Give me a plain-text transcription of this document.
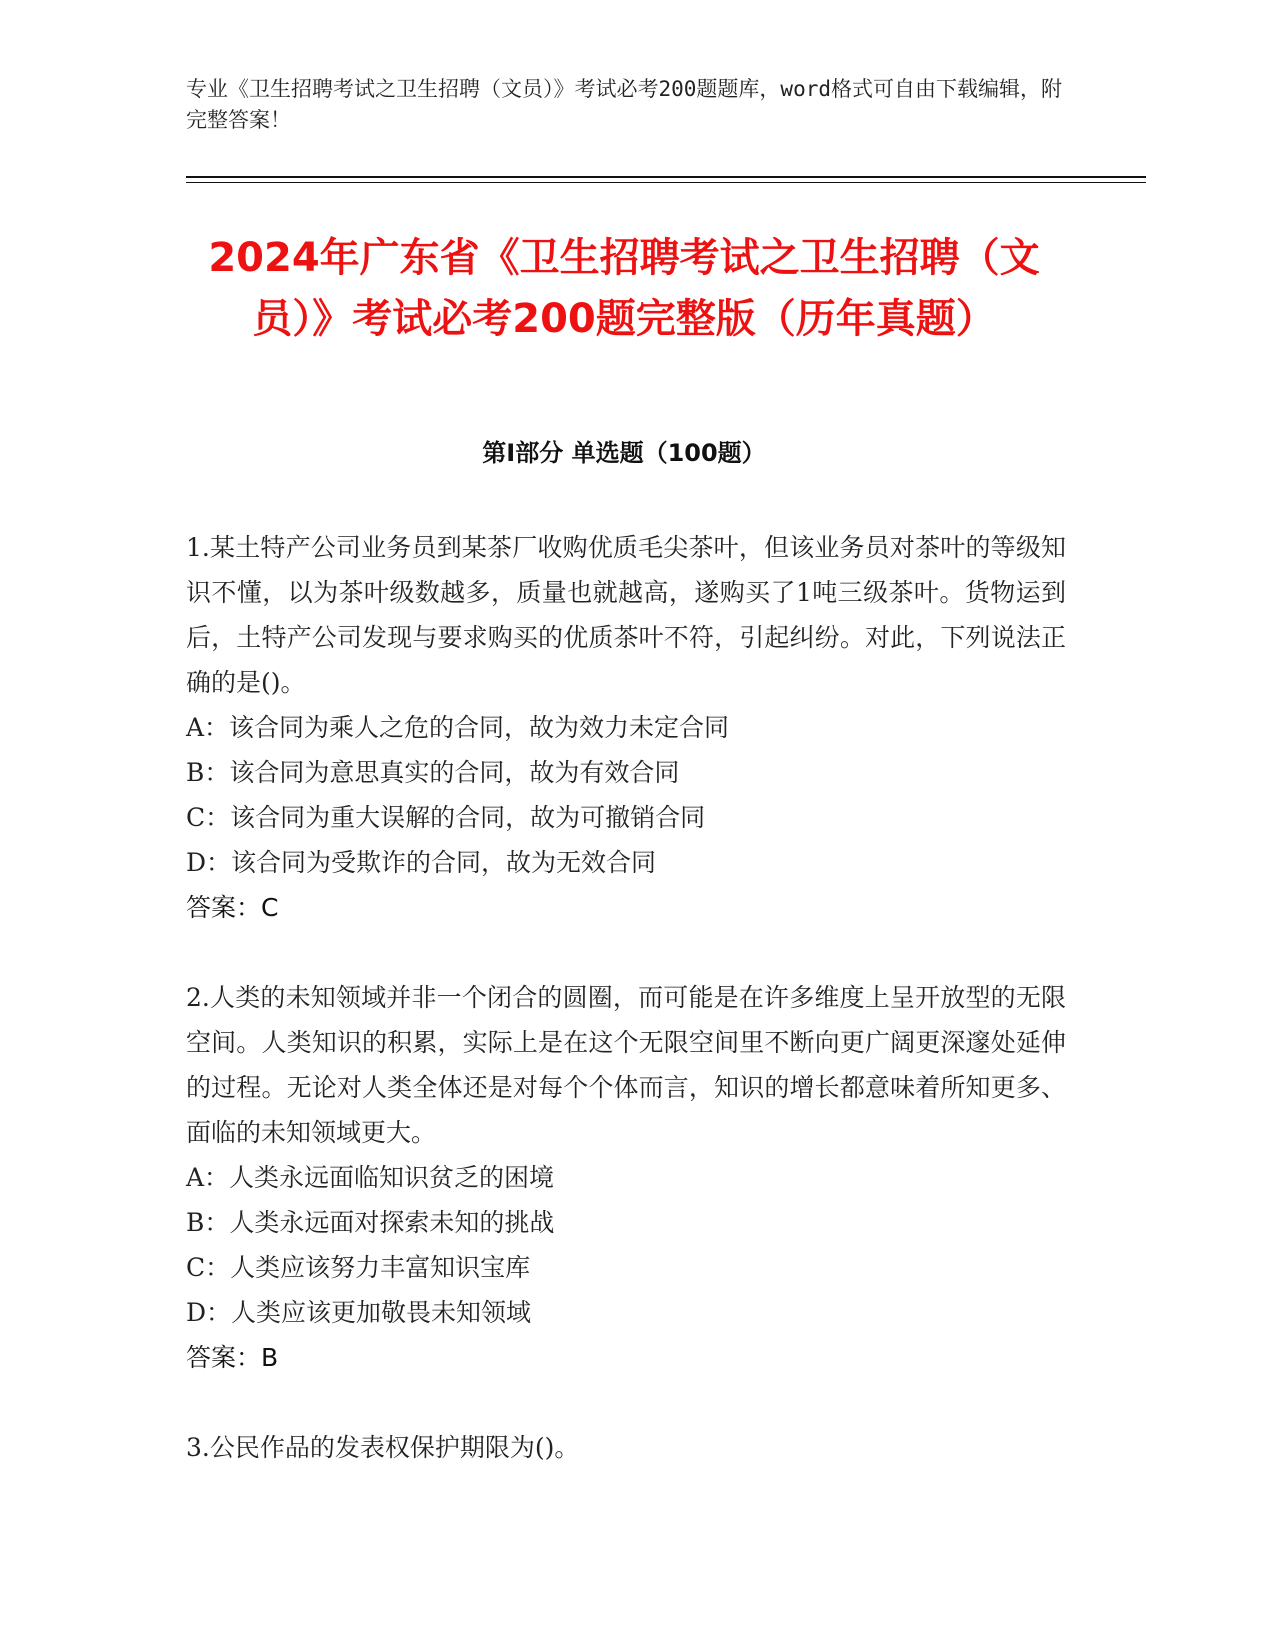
专业《卫生招聘考试之卫生招聘（文员）》考试必考200题题库，word格式可自由下载编辑，附完整答案！
2024年广东省《卫生招聘考试之卫生招聘（文员）》考试必考200题完整版（历年真题）
第I部分 单选题（100题）
1.某土特产公司业务员到某茶厂收购优质毛尖茶叶，但该业务员对茶叶的等级知识不懂，以为茶叶级数越多，质量也就越高，遂购买了1吨三级茶叶。货物运到后，土特产公司发现与要求购买的优质茶叶不符，引起纠纷。对此，下列说法正确的是()。
A：该合同为乘人之危的合同，故为效力未定合同
B：该合同为意思真实的合同，故为有效合同
C：该合同为重大误解的合同，故为可撤销合同
D：该合同为受欺诈的合同，故为无效合同
答案：C
2.人类的未知领域并非一个闭合的圆圈，而可能是在许多维度上呈开放型的无限空间。人类知识的积累，实际上是在这个无限空间里不断向更广阔更深邃处延伸的过程。无论对人类全体还是对每个个体而言，知识的增长都意味着所知更多、面临的未知领域更大。
A：人类永远面临知识贫乏的困境
B：人类永远面对探索未知的挑战
C：人类应该努力丰富知识宝库
D：人类应该更加敬畏未知领域
答案：B
3.公民作品的发表权保护期限为()。
